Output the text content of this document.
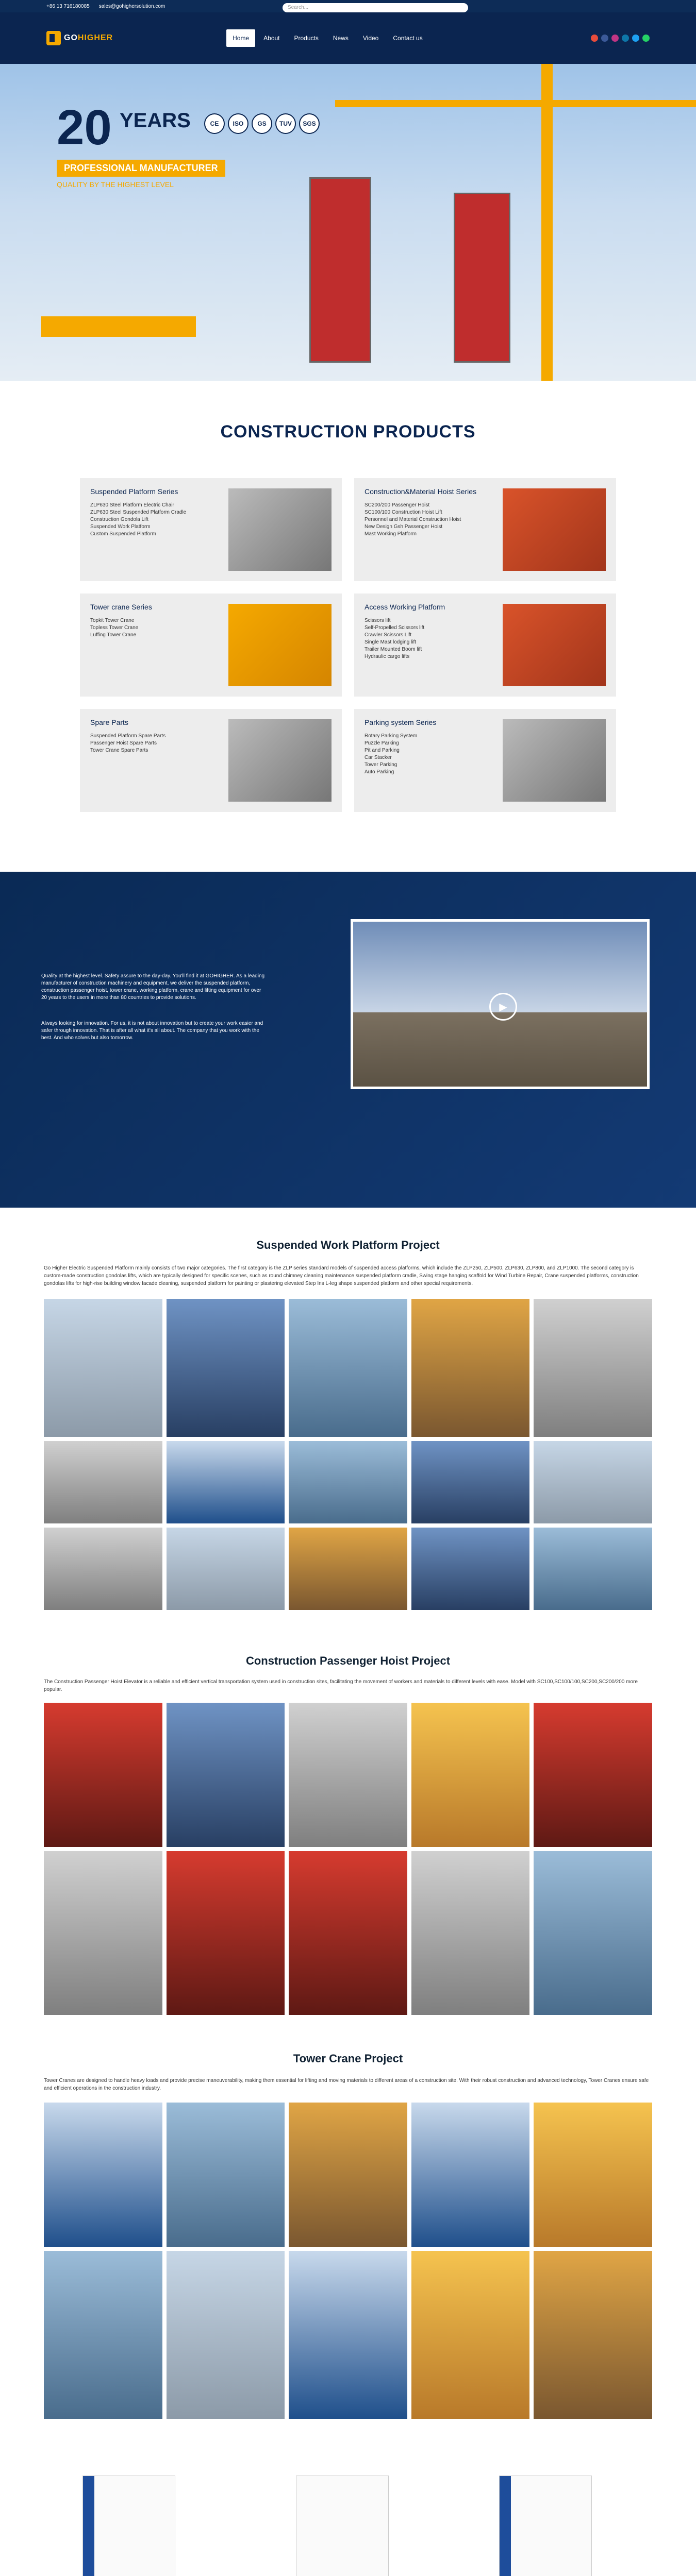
+86 13 716180085 sales@gohighersolution.com
GOHIGHER
Search...
Home	About	Products	News	Video	Contact us
20 YEARS
PROFESSIONAL MANUFACTURER
QUALITY BY THE HIGHEST LEVEL
CE	ISO	GS	TUV	SGS
CONSTRUCTION PRODUCTS
Suspended Platform Series
ZLP630 Steel Platform Electric Chair
ZLP630 Steel Suspended Platform Cradle
Construction Gondola Lift
Suspended Work Platform
Custom Suspended Platform
Construction&Material Hoist Series
SC200/200 Passenger Hoist
SC100/100 Construction Hoist Lift
Personnel and Material Construction Hoist
New Design Gsh Passenger Hoist
Mast Working Platform
Tower crane Series
Topkit Tower Crane
Topless Tower Crane
Luffing Tower Crane
Access Working Platform
Scissors lift
Self-Propelled Scissors lift
Crawler Scissors Lift
Single Mast lodging lift
Trailer Mounted Boom lift
Hydraulic cargo lifts
Spare Parts
Suspended Platform Spare Parts
Passenger Hoist Spare Parts
Tower Crane Spare Parts
Parking system Series
Rotary Parking System
Puzzle Parking
Pit and Parking
Car Stacker
Tower Parking
Auto Parking

Quality at the highest level. Safety assure to the day-day. You'll find it at GOHIGHER. As a leading manufacturer of construction machinery and equipment, we deliver the suspended platform, construction passenger hoist, tower crane, working platform, crane and lifting equipment for over 20 years to the users in more than 80 countries to provide solutions.

Always looking for innovation. For us, it is not about innovation but to create your work easier and safer through innovation. That is after all what it's all about. The company that you work with the best. And who solves but also tomorrow.

▶
Suspended Work Platform Project

Go Higher Electric Suspended Platform mainly consists of two major categories. The first category is the ZLP series standard models of suspended access platforms, which include the ZLP250, ZLP500, ZLP630, ZLP800, and ZLP1000. The second category is custom-made construction gondolas lifts, which are typically designed for specific scenes, such as round chimney cleaning maintenance suspended platform cradle, Swing stage hanging scaffold for Wind Turbine Repair, Crane suspended platforms, construction gondolas lifts for high-rise building window facade cleaning, suspended platform for painting or plastering elevated Step Ins L-leg shape suspended platform and other special requirements.

Construction Passenger Hoist Project

The Construction Passenger Hoist Elevator is a reliable and efficient vertical transportation system used in construction sites, facilitating the movement of workers and materials to different levels with ease. Model with SC100,SC100/100,SC200,SC200/200 more popular.

Tower Crane Project

Tower Cranes are designed to handle heavy loads and provide precise maneuverability, making them essential for lifting and moving materials to different areas of a construction site. With their robust construction and advanced technology, Tower Cranes ensure safe and efficient operations in the construction industry.
